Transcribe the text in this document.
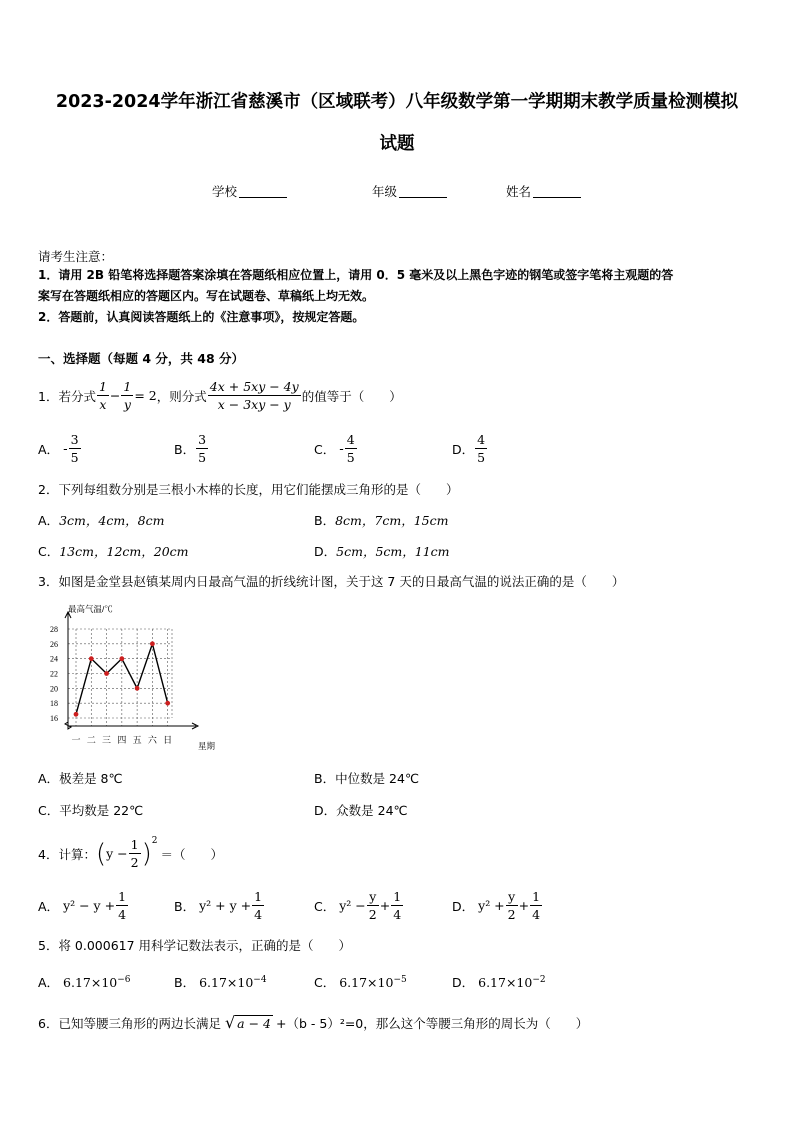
2023-2024学年浙江省慈溪市（区域联考）八年级数学第一学期期末教学质量检测模拟
试题
学校	年级	姓名
请考生注意：
1．请用 2B 铅笔将选择题答案涂填在答题纸相应位置上，请用 0．5 毫米及以上黑色字迹的钢笔或签字笔将主观题的答
案写在答题纸相应的答题区内。写在试题卷、草稿纸上均无效。
2．答题前，认真阅读答题纸上的《注意事项》，按规定答题。
一、选择题（每题 4 分，共 48 分）
1．若分式 $\frac{1}{x} - \frac{1}{y} = 2$ ，则分式 $\frac{4x + 5xy - 4y}{x - 3xy - y}$ 的值等于（　　）
A． - $\frac{3}{5}$	B． $\frac{3}{5}$	C． - $\frac{4}{5}$	D． $\frac{4}{5}$
2．下列每组数分别是三根小木棒的长度，用它们能摆成三角形的是（　　）
A．3cm，4cm，8cm	B．8cm，7cm，15cm
C．13cm，12cm，20cm	D．5cm，5cm，11cm
3．如图是金堂县赵镇某周内日最高气温的折线统计图，关于这 7 天的日最高气温的说法正确的是（　　）
16
18
20
22
24
26
28
一 二 三 四 五 六 日
最高气温/℃
星期
A．极差是 8℃	B．中位数是 24℃
C．平均数是 22℃	D．众数是 24℃
4．计算： ( $y - \frac{1}{2} )^2$
＝（　　）
A． $y^2 - y + \frac{1}{4}$	B． $y^2 + y + \frac{1}{4}$	C． $y^2 - \frac{y}{2} + \frac{1}{4}$	D． $y^2 + \frac{y}{2} + \frac{1}{4}$
5．将 0.000617 用科学记数法表示，正确的是（　　）
A． $6.17\times 10^{-6}$	B． $6.17\times 10^{-4}$	C． $6.17\times 10^{-5}$	D． $6.17\times 10^{-2}$
6．已知等腰三角形的两边长满足 √ a − 4 +（b - 5）²=0，那么这个等腰三角形的周长为（　　）
